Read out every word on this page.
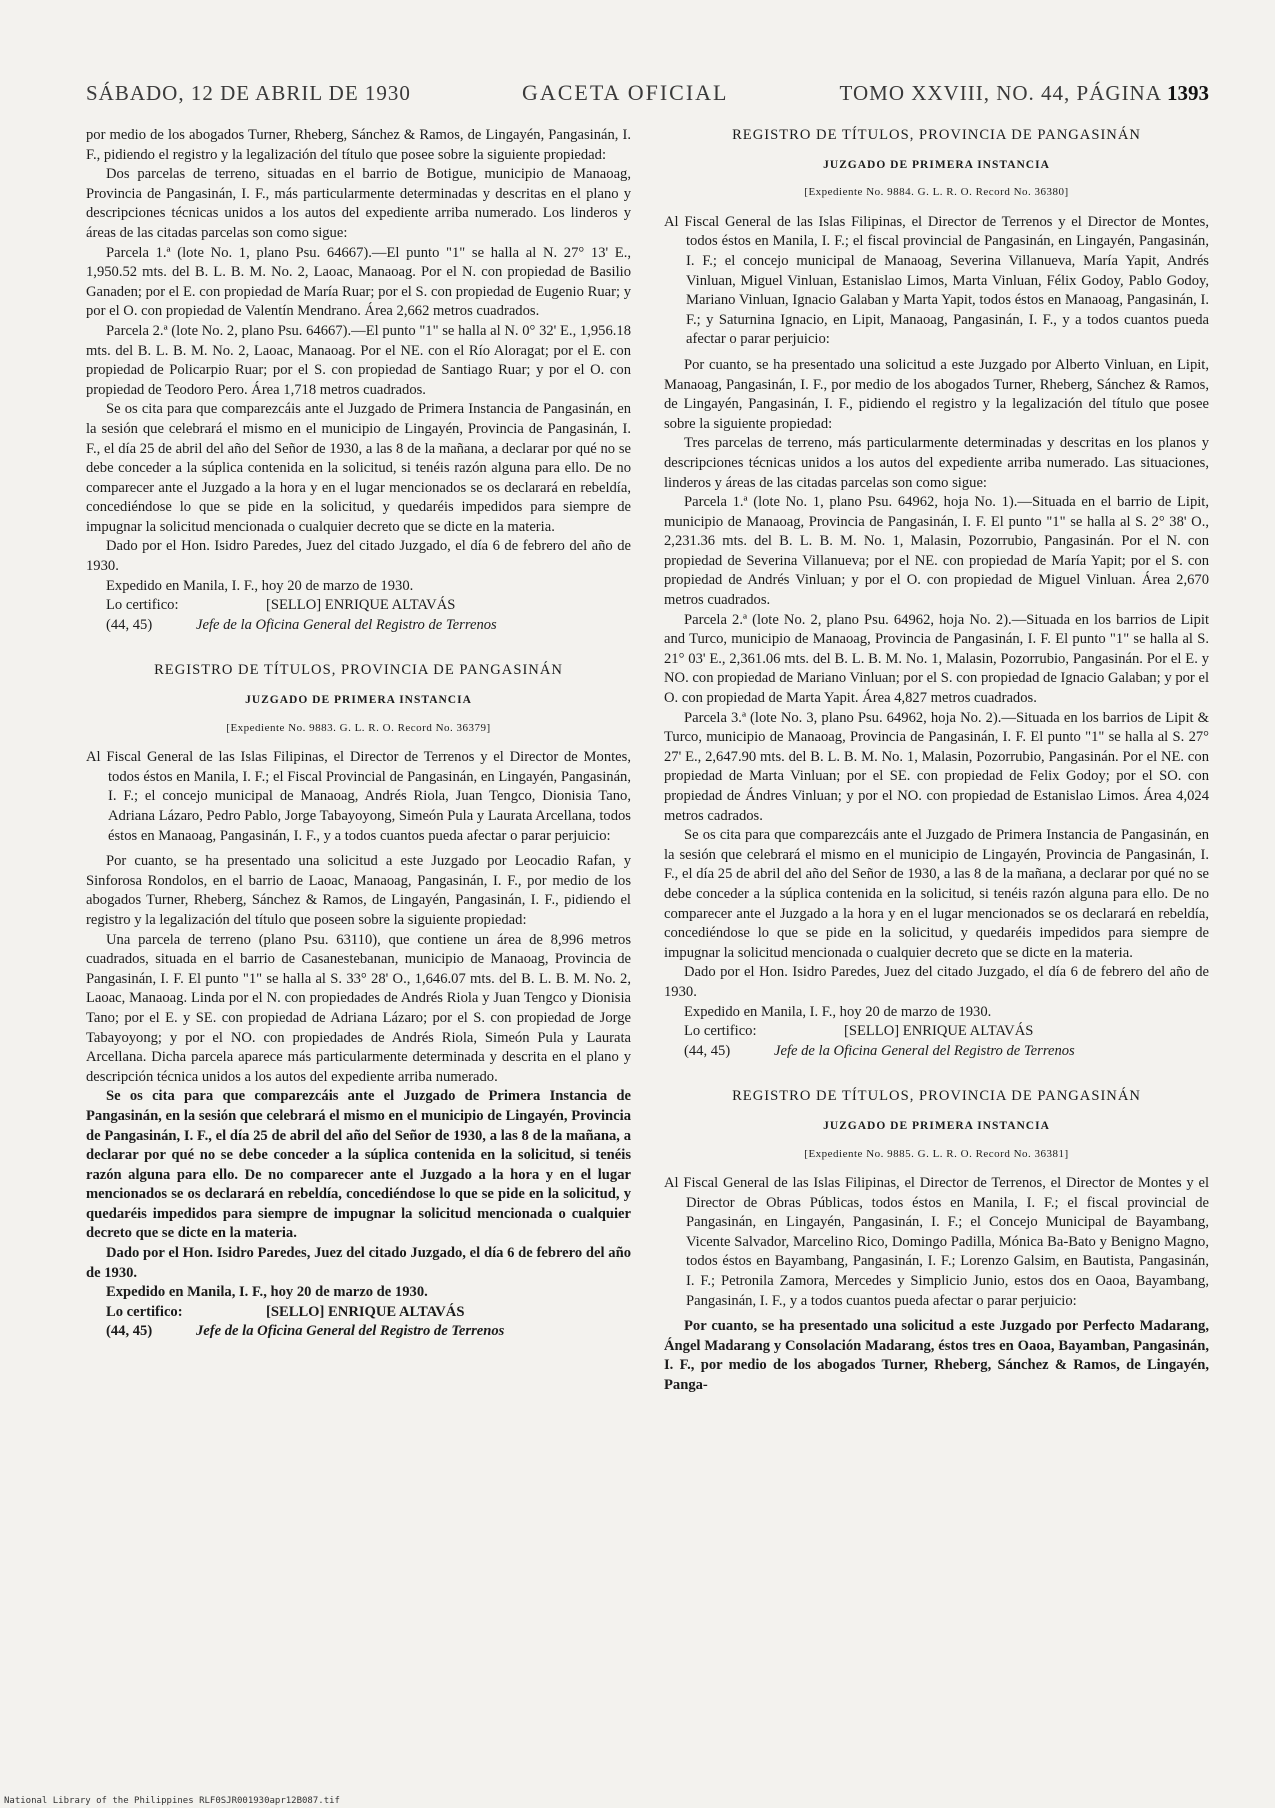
SÁBADO, 12 DE ABRIL DE 1930	GACETA OFICIAL	TOMO XXVIII, NO. 44, PÁGINA 1393

por medio de los abogados Turner, Rheberg, Sánchez & Ramos, de Lingayén, Pangasinán, I. F., pidiendo el registro y la legalización del título que posee sobre la siguiente propiedad:

Dos parcelas de terreno, situadas en el barrio de Botigue, municipio de Manaoag, Provincia de Pangasinán, I. F., más particularmente determinadas y descritas en el plano y descripciones técnicas unidos a los autos del expediente arriba numerado. Los linderos y áreas de las citadas parcelas son como sigue:

Parcela 1.ª (lote No. 1, plano Psu. 64667).—El punto "1" se halla al N. 27° 13' E., 1,950.52 mts. del B. L. B. M. No. 2, Laoac, Manaoag. Por el N. con propiedad de Basilio Ganaden; por el E. con propiedad de María Ruar; por el S. con propiedad de Eugenio Ruar; y por el O. con propiedad de Valentín Mendrano. Área 2,662 metros cuadrados.

Parcela 2.ª (lote No. 2, plano Psu. 64667).—El punto "1" se halla al N. 0° 32' E., 1,956.18 mts. del B. L. B. M. No. 2, Laoac, Manaoag. Por el NE. con el Río Aloragat; por el E. con propiedad de Policarpio Ruar; por el S. con propiedad de Santiago Ruar; y por el O. con propiedad de Teodoro Pero. Área 1,718 metros cuadrados.

Se os cita para que comparezcáis ante el Juzgado de Primera Instancia de Pangasinán, en la sesión que celebrará el mismo en el municipio de Lingayén, Provincia de Pangasinán, I. F., el día 25 de abril del año del Señor de 1930, a las 8 de la mañana, a declarar por qué no se debe conceder a la súplica contenida en la solicitud, si tenéis razón alguna para ello. De no comparecer ante el Juzgado a la hora y en el lugar mencionados se os declarará en rebeldía, concediéndose lo que se pide en la solicitud, y quedaréis impedidos para siempre de impugnar la solicitud mencionada o cualquier decreto que se dicte en la materia.

Dado por el Hon. Isidro Paredes, Juez del citado Juzgado, el día 6 de febrero del año de 1930.

Expedido en Manila, I. F., hoy 20 de marzo de 1930.

Lo certifico:	[SELLO] ENRIQUE ALTAVÁS
(44, 45)	Jefe de la Oficina General del Registro de Terrenos

REGISTRO DE TÍTULOS, PROVINCIA DE PANGASINÁN

JUZGADO DE PRIMERA INSTANCIA

[Expediente No. 9883. G. L. R. O. Record No. 36379]

Al Fiscal General de las Islas Filipinas, el Director de Terrenos y el Director de Montes, todos éstos en Manila, I. F.; el Fiscal Provincial de Pangasinán, en Lingayén, Pangasinán, I. F.; el concejo municipal de Manaoag, Andrés Riola, Juan Tengco, Dionisia Tano, Adriana Lázaro, Pedro Pablo, Jorge Tabayoyong, Simeón Pula y Laurata Arcellana, todos éstos en Manaoag, Pangasinán, I. F., y a todos cuantos pueda afectar o parar perjuicio:

Por cuanto, se ha presentado una solicitud a este Juzgado por Leocadio Rafan, y Sinforosa Rondolos, en el barrio de Laoac, Manaoag, Pangasinán, I. F., por medio de los abogados Turner, Rheberg, Sánchez & Ramos, de Lingayén, Pangasinán, I. F., pidiendo el registro y la legalización del título que poseen sobre la siguiente propiedad:

Una parcela de terreno (plano Psu. 63110), que contiene un área de 8,996 metros cuadrados, situada en el barrio de Casanestebanan, municipio de Manaoag, Provincia de Pangasinán, I. F. El punto "1" se halla al S. 33° 28' O., 1,646.07 mts. del B. L. B. M. No. 2, Laoac, Manaoag. Linda por el N. con propiedades de Andrés Riola y Juan Tengco y Dionisia Tano; por el E. y SE. con propiedad de Adriana Lázaro; por el S. con propiedad de Jorge Tabayoyong; y por el NO. con propiedades de Andrés Riola, Simeón Pula y Laurata Arcellana. Dicha parcela aparece más particularmente determinada y descrita en el plano y descripción técnica unidos a los autos del expediente arriba numerado.

Se os cita para que comparezcáis ante el Juzgado de Primera Instancia de Pangasinán, en la sesión que celebrará el mismo en el municipio de Lingayén, Provincia de Pangasinán, I. F., el día 25 de abril del año del Señor de 1930, a las 8 de la mañana, a declarar por qué no se debe conceder a la súplica contenida en la solicitud, si tenéis razón alguna para ello. De no comparecer ante el Juzgado a la hora y en el lugar mencionados se os declarará en rebeldía, concediéndose lo que se pide en la solicitud, y quedaréis impedidos para siempre de impugnar la solicitud mencionada o cualquier decreto que se dicte en la materia.

Dado por el Hon. Isidro Paredes, Juez del citado Juzgado, el día 6 de febrero del año de 1930.

Expedido en Manila, I. F., hoy 20 de marzo de 1930.

Lo certifico:	[SELLO] ENRIQUE ALTAVÁS
(44, 45)	Jefe de la Oficina General del Registro de Terrenos

REGISTRO DE TÍTULOS, PROVINCIA DE PANGASINÁN

JUZGADO DE PRIMERA INSTANCIA

[Expediente No. 9884. G. L. R. O. Record No. 36380]

Al Fiscal General de las Islas Filipinas, el Director de Terrenos y el Director de Montes, todos éstos en Manila, I. F.; el fiscal provincial de Pangasinán, en Lingayén, Pangasinán, I. F.; el concejo municipal de Manaoag, Severina Villanueva, María Yapit, Andrés Vinluan, Miguel Vinluan, Estanislao Limos, Marta Vinluan, Félix Godoy, Pablo Godoy, Mariano Vinluan, Ignacio Galaban y Marta Yapit, todos éstos en Manaoag, Pangasinán, I. F.; y Saturnina Ignacio, en Lipit, Manaoag, Pangasinán, I. F., y a todos cuantos pueda afectar o parar perjuicio:

Por cuanto, se ha presentado una solicitud a este Juzgado por Alberto Vinluan, en Lipit, Manaoag, Pangasinán, I. F., por medio de los abogados Turner, Rheberg, Sánchez & Ramos, de Lingayén, Pangasinán, I. F., pidiendo el registro y la legalización del título que posee sobre la siguiente propiedad:

Tres parcelas de terreno, más particularmente determinadas y descritas en los planos y descripciones técnicas unidos a los autos del expediente arriba numerado. Las situaciones, linderos y áreas de las citadas parcelas son como sigue:

Parcela 1.ª (lote No. 1, plano Psu. 64962, hoja No. 1).—Situada en el barrio de Lipit, municipio de Manaoag, Provincia de Pangasinán, I. F. El punto "1" se halla al S. 2° 38' O., 2,231.36 mts. del B. L. B. M. No. 1, Malasin, Pozorrubio, Pangasinán. Por el N. con propiedad de Severina Villanueva; por el NE. con propiedad de María Yapit; por el S. con propiedad de Andrés Vinluan; y por el O. con propiedad de Miguel Vinluan. Área 2,670 metros cuadrados.

Parcela 2.ª (lote No. 2, plano Psu. 64962, hoja No. 2).—Situada en los barrios de Lipit and Turco, municipio de Manaoag, Provincia de Pangasinán, I. F. El punto "1" se halla al S. 21° 03' E., 2,361.06 mts. del B. L. B. M. No. 1, Malasin, Pozorrubio, Pangasinán. Por el E. y NO. con propiedad de Mariano Vinluan; por el S. con propiedad de Ignacio Galaban; y por el O. con propiedad de Marta Yapit. Área 4,827 metros cuadrados.

Parcela 3.ª (lote No. 3, plano Psu. 64962, hoja No. 2).—Situada en los barrios de Lipit & Turco, municipio de Manaoag, Provincia de Pangasinán, I. F. El punto "1" se halla al S. 27° 27' E., 2,647.90 mts. del B. L. B. M. No. 1, Malasin, Pozorrubio, Pangasinán. Por el NE. con propiedad de Marta Vinluan; por el SE. con propiedad de Felix Godoy; por el SO. con propiedad de Ándres Vinluan; y por el NO. con propiedad de Estanislao Limos. Área 4,024 metros cadrados.

Se os cita para que comparezcáis ante el Juzgado de Primera Instancia de Pangasinán, en la sesión que celebrará el mismo en el municipio de Lingayén, Provincia de Pangasinán, I. F., el día 25 de abril del año del Señor de 1930, a las 8 de la mañana, a declarar por qué no se debe conceder a la súplica contenida en la solicitud, si tenéis razón alguna para ello. De no comparecer ante el Juzgado a la hora y en el lugar mencionados se os declarará en rebeldía, concediéndose lo que se pide en la solicitud, y quedaréis impedidos para siempre de impugnar la solicitud mencionada o cualquier decreto que se dicte en la materia.

Dado por el Hon. Isidro Paredes, Juez del citado Juzgado, el día 6 de febrero del año de 1930.

Expedido en Manila, I. F., hoy 20 de marzo de 1930.

Lo certifico:	[SELLO] ENRIQUE ALTAVÁS
(44, 45)	Jefe de la Oficina General del Registro de Terrenos

REGISTRO DE TÍTULOS, PROVINCIA DE PANGASINÁN

JUZGADO DE PRIMERA INSTANCIA

[Expediente No. 9885. G. L. R. O. Record No. 36381]

Al Fiscal General de las Islas Filipinas, el Director de Terrenos, el Director de Montes y el Director de Obras Públicas, todos éstos en Manila, I. F.; el fiscal provincial de Pangasinán, en Lingayén, Pangasinán, I. F.; el Concejo Municipal de Bayambang, Vicente Salvador, Marcelino Rico, Domingo Padilla, Mónica Ba-Bato y Benigno Magno, todos éstos en Bayambang, Pangasinán, I. F.; Lorenzo Galsim, en Bautista, Pangasinán, I. F.; Petronila Zamora, Mercedes y Simplicio Junio, estos dos en Oaoa, Bayambang, Pangasinán, I. F., y a todos cuantos pueda afectar o parar perjuicio:

Por cuanto, se ha presentado una solicitud a este Juzgado por Perfecto Madarang, Ángel Madarang y Consolación Madarang, éstos tres en Oaoa, Bayamban, Pangasinán, I. F., por medio de los abogados Turner, Rheberg, Sánchez & Ramos, de Lingayén, Panga-

National Library of the Philippines RLF0SJR001930apr12B087.tif
